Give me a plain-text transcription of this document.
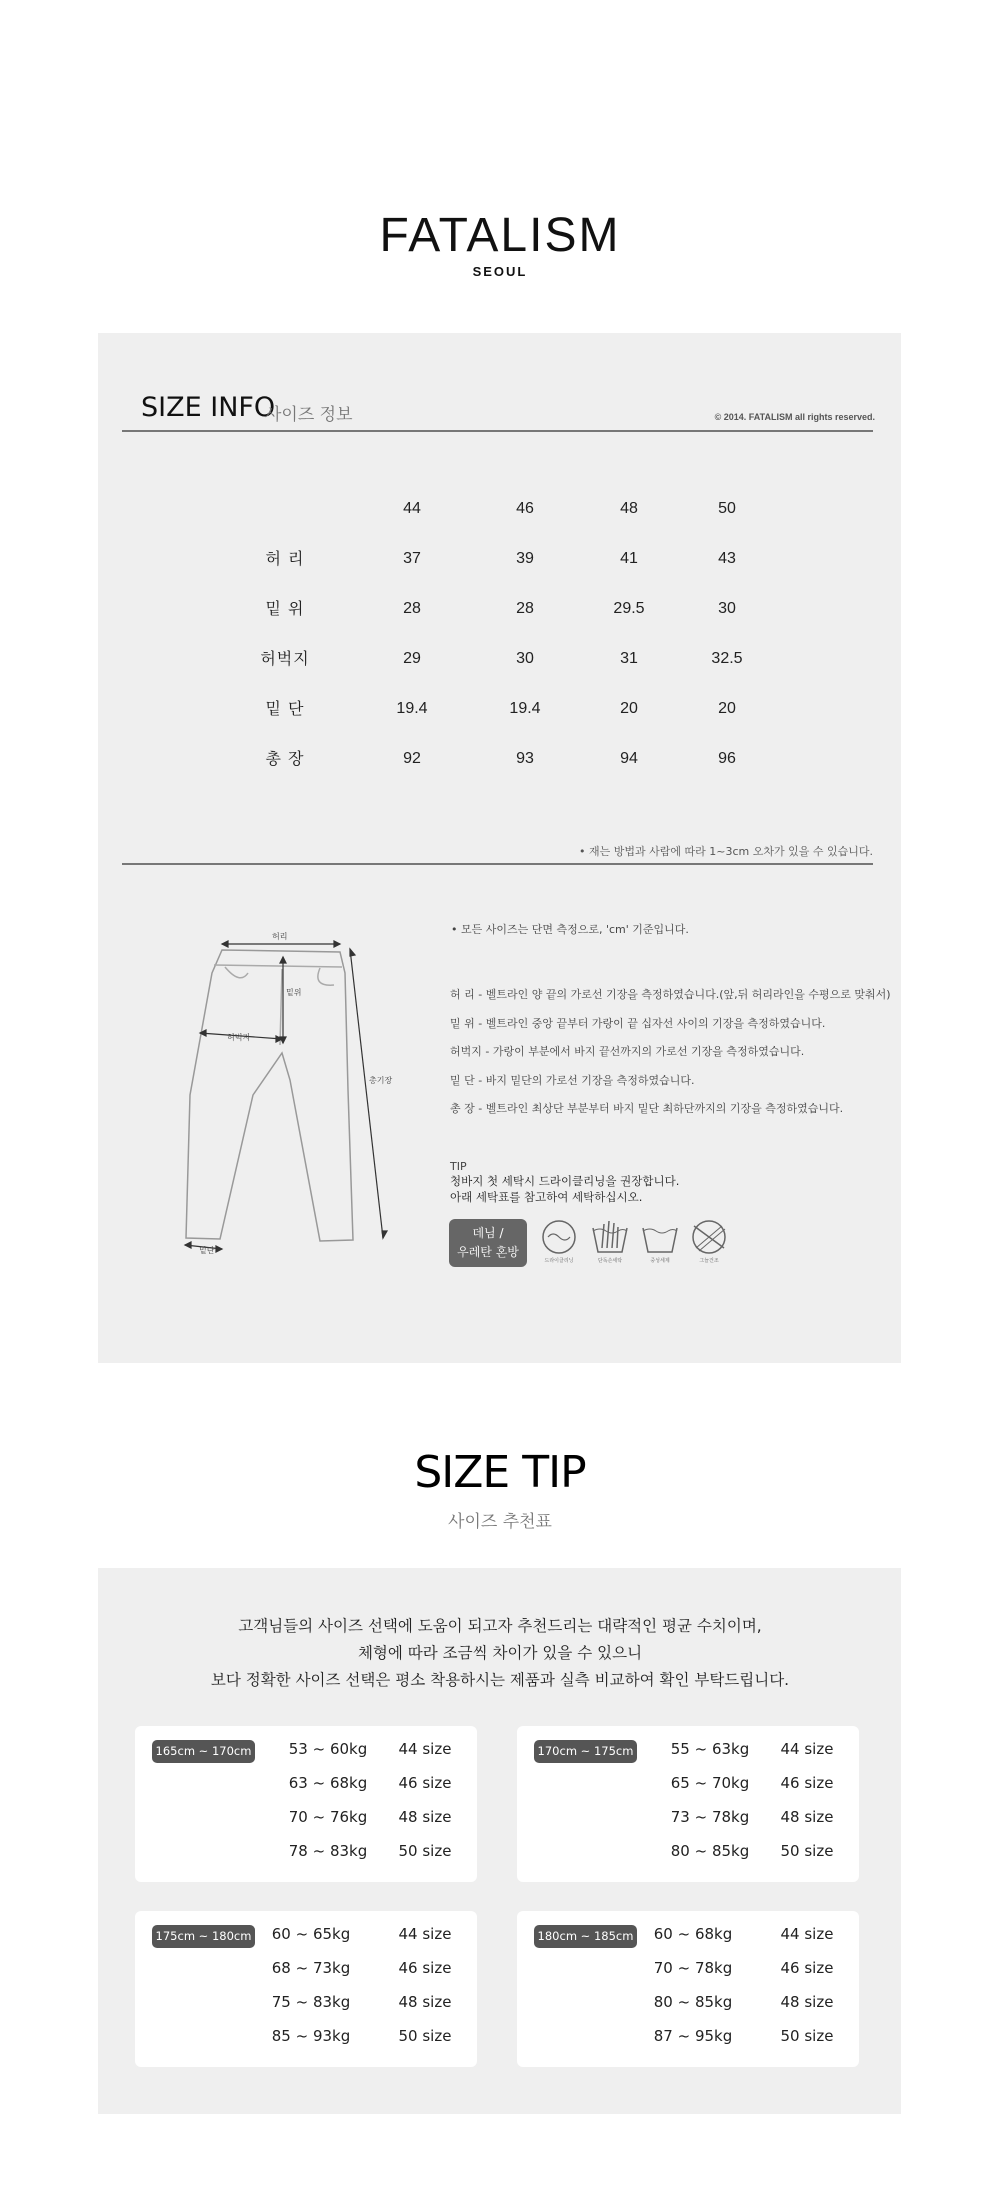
FATALISM
SEOUL
SIZE INFO
사이즈 정보	© 2014. FATALISM all rights reserved.
44	46	48	50
허 리	37	39	41	43
밑 위	28	28	29.5	30
허벅지	29	30	31	32.5
밑 단	19.4	19.4	20	20
총 장	92	93	94	96
• 재는 방법과 사람에 따라 1~3cm 오차가 있을 수 있습니다.
허리
밑위
허벅지
총기장
밑단
• 모든 사이즈는 단면 측정으로, 'cm' 기준입니다.
허 리 - 벨트라인 양 끝의 가로선 기장을 측정하였습니다.(앞,뒤 허리라인을 수평으로 맞춰서)
밑 위 - 벨트라인 중앙 끝부터 가랑이 끝 십자선 사이의 기장을 측정하였습니다.
허벅지 - 가랑이 부분에서 바지 끝선까지의 가로선 기장을 측정하였습니다.
밑 단 - 바지 밑단의 가로선 기장을 측정하였습니다.
총 장 - 벨트라인 최상단 부분부터 바지 밑단 최하단까지의 기장을 측정하였습니다.
TIP
청바지 첫 세탁시 드라이클리닝을 권장합니다.
아래 세탁표를 참고하여 세탁하십시오.
데님 /
우레탄 혼방
드라이클리닝	단독손세탁	중성세제	그늘건조
SIZE TIP
사이즈 추천표
고객님들의 사이즈 선택에 도움이 되고자 추천드리는 대략적인 평균 수치이며,
체형에 따라 조금씩 차이가 있을 수 있으니
보다 정확한 사이즈 선택은 평소 착용하시는 제품과 실측 비교하여 확인 부탁드립니다.
165cm ~ 170cm	53 ~ 60kg	44 size
63 ~ 68kg	46 size
70 ~ 76kg	48 size
78 ~ 83kg	50 size
170cm ~ 175cm	55 ~ 63kg	44 size
65 ~ 70kg	46 size
73 ~ 78kg	48 size
80 ~ 85kg	50 size
175cm ~ 180cm	60 ~ 65kg	44 size
68 ~ 73kg	46 size
75 ~ 83kg	48 size
85 ~ 93kg	50 size
180cm ~ 185cm	60 ~ 68kg	44 size
70 ~ 78kg	46 size
80 ~ 85kg	48 size
87 ~ 95kg	50 size
